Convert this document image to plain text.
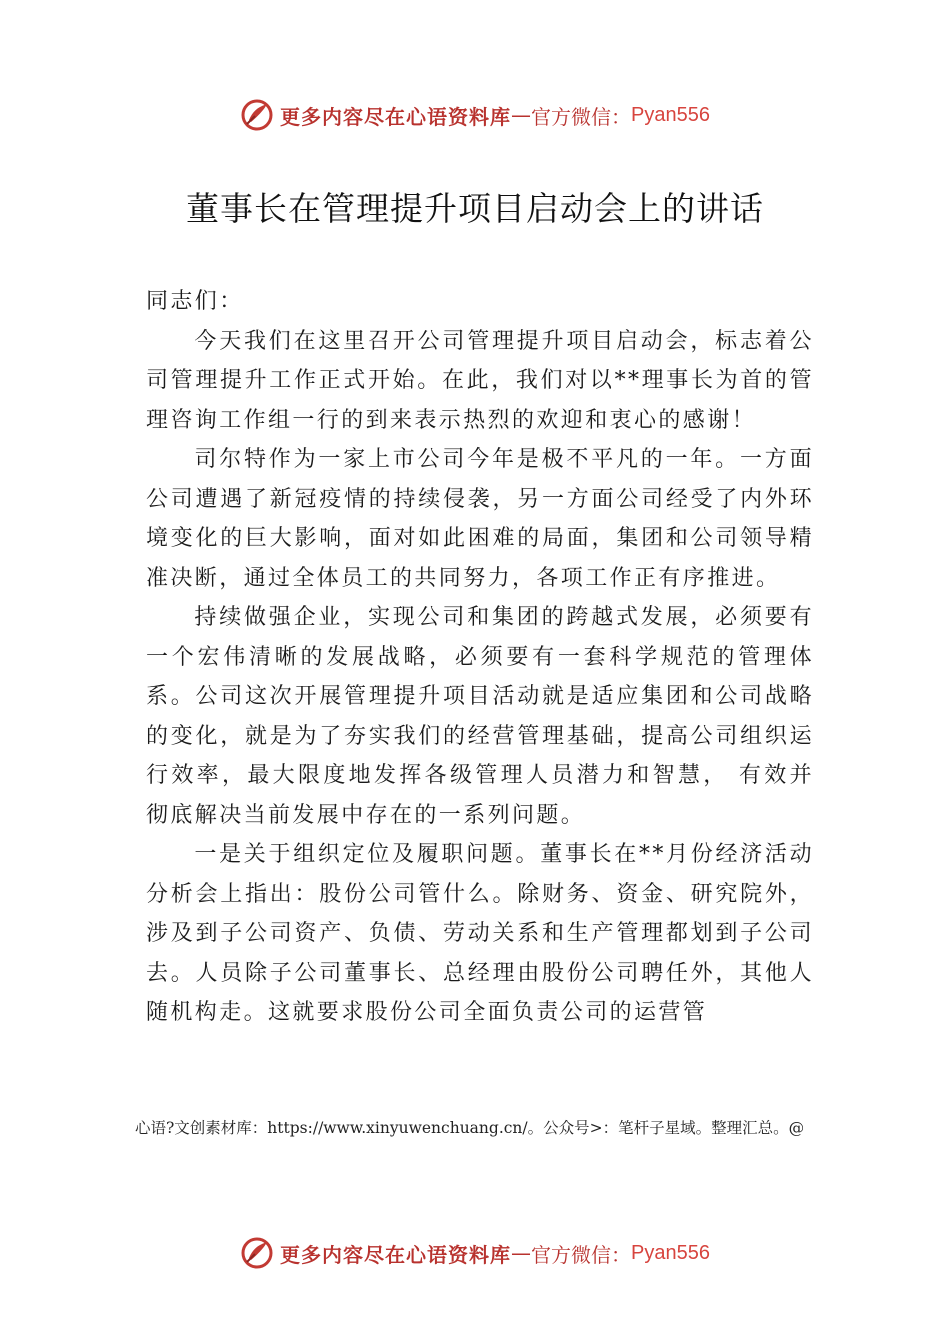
更多内容尽在心语资料库 — 官方微信： Pyan556
董事长在管理提升项目启动会上的讲话

同志们：

今天我们在这里召开公司管理提升项目启动会，标志着公司管理提升工作正式开始。在此，我们对以**理事长为首的管理咨询工作组一行的到来表示热烈的欢迎和衷心的感谢！

司尔特作为一家上市公司今年是极不平凡的一年。一方面公司遭遇了新冠疫情的持续侵袭，另一方面公司经受了内外环境变化的巨大影响，面对如此困难的局面，集团和公司领导精准决断，通过全体员工的共同努力，各项工作正有序推进。

持续做强企业，实现公司和集团的跨越式发展，必须要有一个宏伟清晰的发展战略，必须要有一套科学规范的管理体系。公司这次开展管理提升项目活动就是适应集团和公司战略的变化，就是为了夯实我们的经营管理基础，提高公司组织运行效率，最大限度地发挥各级管理人员潜力和智慧， 有效并彻底解决当前发展中存在的一系列问题。

一是关于组织定位及履职问题。董事长在**月份经济活动分析会上指出：股份公司管什么。除财务、资金、研究院外，涉及到子公司资产、负债、劳动关系和生产管理都划到子公司去。人员除子公司董事长、总经理由股份公司聘任外，其他人随机构走。这就要求股份公司全面负责公司的运营管

心语?文创素材库：https://www.xinyuwenchuang.cn/。公众号>：笔杆子星域。整理汇总。@
更多内容尽在心语资料库 — 官方微信： Pyan556
